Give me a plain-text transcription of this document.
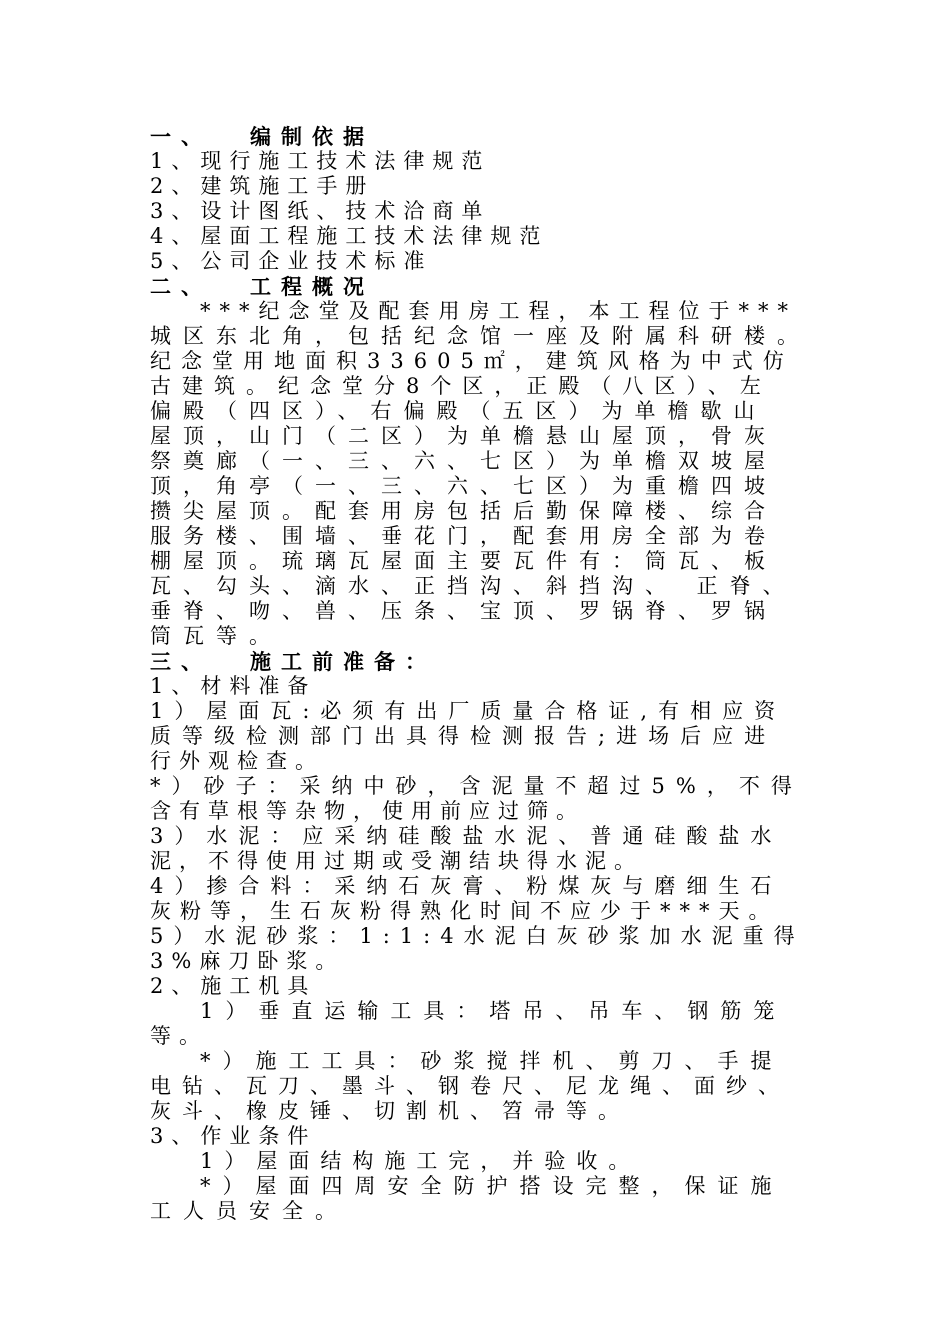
一、 编制依据
1、现行施工技术法律规范
2、建筑施工手册
3、设计图纸、技术洽商单
4、屋面工程施工技术法律规范
5、公司企业技术标准
二、 工程概况
***纪念堂及配套用房工程，本工程位于***
城区东北角，包括纪念馆一座及附属科研楼。
纪念堂用地面积33605㎡，建筑风格为中式仿
古建筑。纪念堂分8个区，正殿（八区）、左
偏殿（四区）、右偏殿（五区）为单檐歇山
屋顶，山门（二区）为单檐悬山屋顶，骨灰
祭奠廊（一、三、六、七区）为单檐双坡屋
顶，角亭（一、三、六、七区）为重檐四坡
攒尖屋顶。配套用房包括后勤保障楼、综合
服务楼、围墙、垂花门，配套用房全部为卷
棚屋顶。琉璃瓦屋面主要瓦件有：筒瓦、板
瓦、勾头、滴水、正挡沟、斜挡沟、 正脊、
垂脊、吻、兽、压条、宝顶、罗锅脊、罗锅
筒瓦等。
三、 施工前准备：
1、材料准备
1）屋面瓦:必须有出厂质量合格证,有相应资
质等级检测部门出具得检测报告;进场后应进
行外观检查。
*）砂子：采纳中砂，含泥量不超过5%，不得
含有草根等杂物，使用前应过筛。
3）水泥：应采纳硅酸盐水泥、普通硅酸盐水
泥，不得使用过期或受潮结块得水泥。
4）掺合料：采纳石灰膏、粉煤灰与磨细生石
灰粉等，生石灰粉得熟化时间不应少于***天。
5）水泥砂浆：1:1:4水泥白灰砂浆加水泥重得
3%麻刀卧浆。
2、施工机具
1）垂直运输工具：塔吊、吊车、钢筋笼
等。
*）施工工具：砂浆搅拌机、剪刀、手提
电钻、瓦刀、墨斗、钢卷尺、尼龙绳、面纱、
灰斗、橡皮锤、切割机、笤帚等。
3、作业条件
1）屋面结构施工完，并验收。
*）屋面四周安全防护搭设完整，保证施
工人员安全。
